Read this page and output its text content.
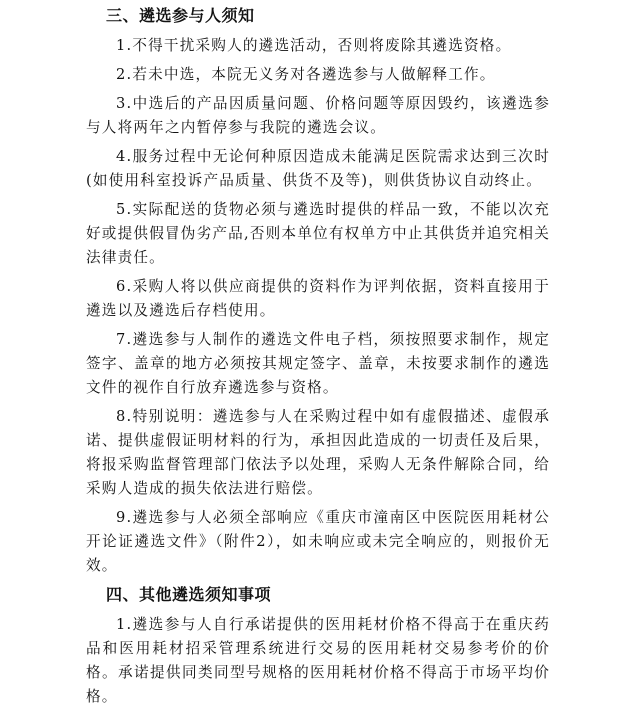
三、遴选参与人须知

1.不得干扰采购人的遴选活动，否则将废除其遴选资格。

2.若未中选，本院无义务对各遴选参与人做解释工作。

3.中选后的产品因质量问题、价格问题等原因毁约，该遴选参与人将两年之内暂停参与我院的遴选会议。

4.服务过程中无论何种原因造成未能满足医院需求达到三次时(如使用科室投诉产品质量、供货不及等)，则供货协议自动终止。

5.实际配送的货物必须与遴选时提供的样品一致，不能以次充好或提供假冒伪劣产品,否则本单位有权单方中止其供货并追究相关法律责任。

6.采购人将以供应商提供的资料作为评判依据，资料直接用于遴选以及遴选后存档使用。

7.遴选参与人制作的遴选文件电子档，须按照要求制作，规定签字、盖章的地方必须按其规定签字、盖章，未按要求制作的遴选文件的视作自行放弃遴选参与资格。

8.特别说明：遴选参与人在采购过程中如有虚假描述、虚假承诺、提供虚假证明材料的行为，承担因此造成的一切责任及后果，将报采购监督管理部门依法予以处理，采购人无条件解除合同，给采购人造成的损失依法进行赔偿。

9.遴选参与人必须全部响应《重庆市潼南区中医院医用耗材公开论证遴选文件》（附件2），如未响应或未完全响应的，则报价无效。

四、其他遴选须知事项

1.遴选参与人自行承诺提供的医用耗材价格不得高于在重庆药品和医用耗材招采管理系统进行交易的医用耗材交易参考价的价格。承诺提供同类同型号规格的医用耗材价格不得高于市场平均价格。
